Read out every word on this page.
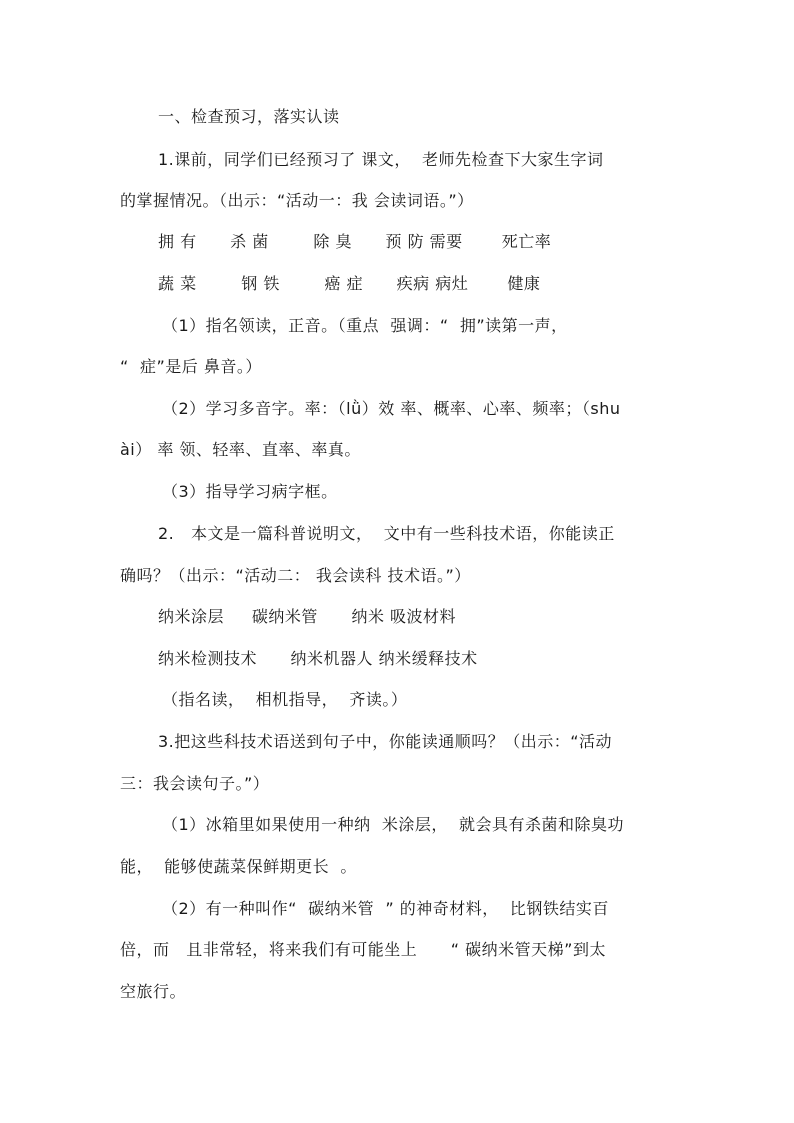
一、检查预习，落实认读
1.课前，同学们已经预习了 课文，  老师先检查下大家生字词
的掌握情况。（出示：“活动一：我 会读词语。”）
拥 有      杀 菌        除 臭      预 防 需要       死亡率
蔬 菜        钢 铁        癌 症      疾病 病灶       健康
（1）指名领读，正音。（重点  强调：“  拥”读第一声，
“  症”是后 鼻音。）
（2）学习多音字。率：（lǜ）效 率、概率、心率、频率；（shu
ài） 率 领、轻率、直率、率真。
（3）指导学习病字框。
2.   本文是一篇科普说明文，  文中有一些科技术语，你能读正
确吗？（出示：“活动二： 我会读科 技术语。”）
纳米涂层     碳纳米管      纳米 吸波材料
纳米检测技术      纳米机器人 纳米缓释技术
（指名读，  相机指导，  齐读。）
3.把这些科技术语送到句子中，你能读通顺吗？（出示：“活动
三：我会读句子。”）
（1）冰箱里如果使用一种纳  米涂层，  就会具有杀菌和除臭功
能，  能够使蔬菜保鲜期更长  。
（2）有一种叫作“  碳纳米管  ” 的神奇材料，  比钢铁结实百
倍，而   且非常轻，将来我们有可能坐上      “ 碳纳米管天梯”到太
空旅行。
